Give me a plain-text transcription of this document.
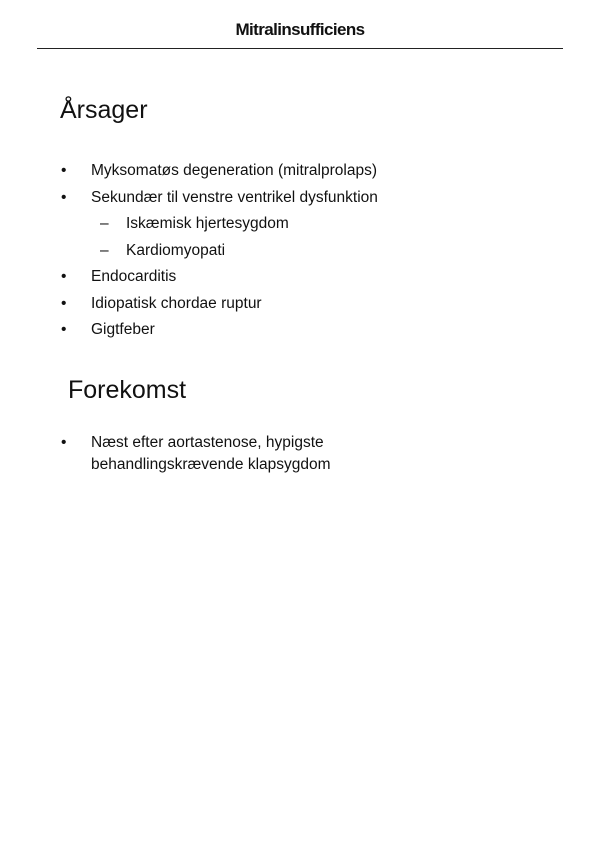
Mitralinsufficiens
Årsager
• Myksomatøs degeneration (mitralprolaps)
• Sekundær til venstre ventrikel dysfunktion
– Iskæmisk hjertesygdom
– Kardiomyopati
• Endocarditis
• Idiopatisk chordae ruptur
• Gigtfeber
Forekomst
• Næst efter aortastenose, hypigste
behandlingskrævende klapsygdom
